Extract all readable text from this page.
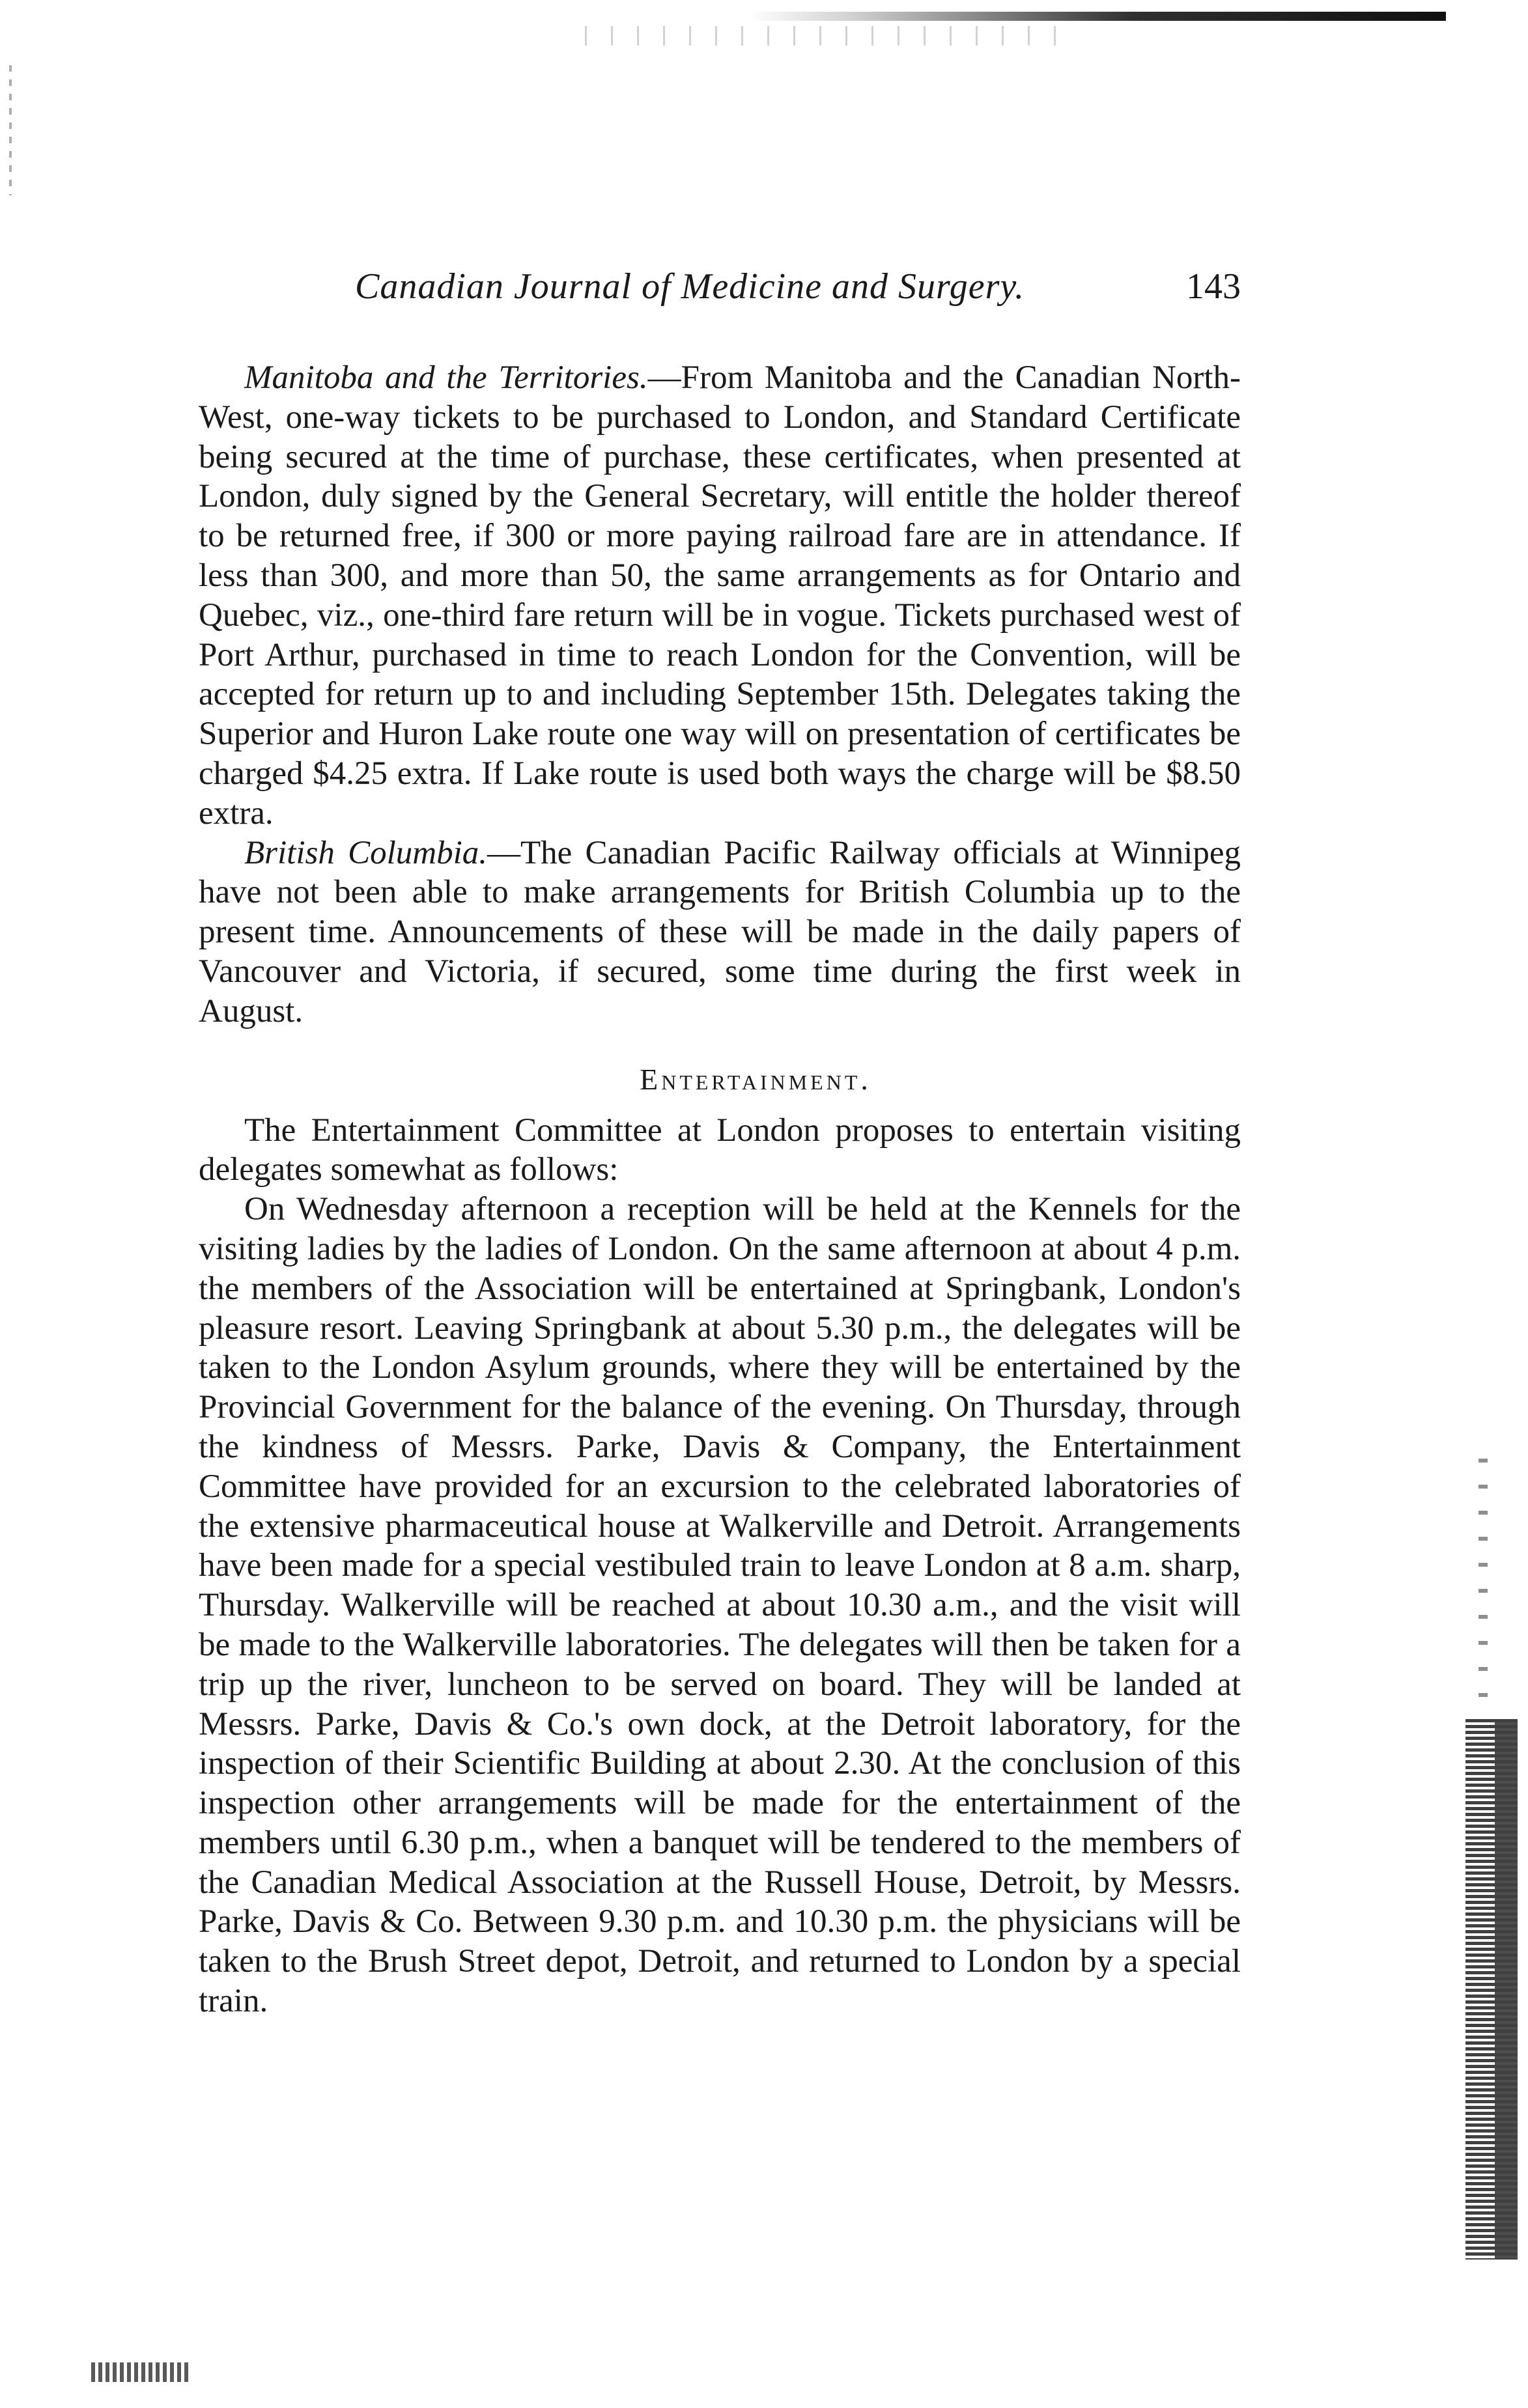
Canadian Journal of Medicine and Surgery.	143

Manitoba and the Territories.—From Manitoba and the Canadian North-West, one-way tickets to be purchased to London, and Standard Certificate being secured at the time of purchase, these certificates, when presented at London, duly signed by the General Secretary, will entitle the holder thereof to be returned free, if 300 or more paying railroad fare are in attendance. If less than 300, and more than 50, the same arrangements as for Ontario and Quebec, viz., one-third fare return will be in vogue. Tickets purchased west of Port Arthur, purchased in time to reach London for the Convention, will be accepted for return up to and including September 15th. Delegates taking the Superior and Huron Lake route one way will on presentation of certificates be charged $4.25 extra. If Lake route is used both ways the charge will be $8.50 extra.

British Columbia.—The Canadian Pacific Railway officials at Winnipeg have not been able to make arrangements for British Columbia up to the present time. Announcements of these will be made in the daily papers of Vancouver and Victoria, if secured, some time during the first week in August.

Entertainment.

The Entertainment Committee at London proposes to entertain visiting delegates somewhat as follows:

On Wednesday afternoon a reception will be held at the Kennels for the visiting ladies by the ladies of London. On the same afternoon at about 4 p.m. the members of the Association will be entertained at Springbank, London's pleasure resort. Leaving Springbank at about 5.30 p.m., the delegates will be taken to the London Asylum grounds, where they will be entertained by the Provincial Government for the balance of the evening. On Thursday, through the kindness of Messrs. Parke, Davis & Company, the Entertainment Committee have provided for an excursion to the celebrated laboratories of the extensive pharmaceutical house at Walkerville and Detroit. Arrangements have been made for a special vestibuled train to leave London at 8 a.m. sharp, Thursday. Walkerville will be reached at about 10.30 a.m., and the visit will be made to the Walkerville laboratories. The delegates will then be taken for a trip up the river, luncheon to be served on board. They will be landed at Messrs. Parke, Davis & Co.'s own dock, at the Detroit laboratory, for the inspection of their Scientific Building at about 2.30. At the conclusion of this inspection other arrangements will be made for the entertainment of the members until 6.30 p.m., when a banquet will be tendered to the members of the Canadian Medical Association at the Russell House, Detroit, by Messrs. Parke, Davis & Co. Between 9.30 p.m. and 10.30 p.m. the physicians will be taken to the Brush Street depot, Detroit, and returned to London by a special train.
